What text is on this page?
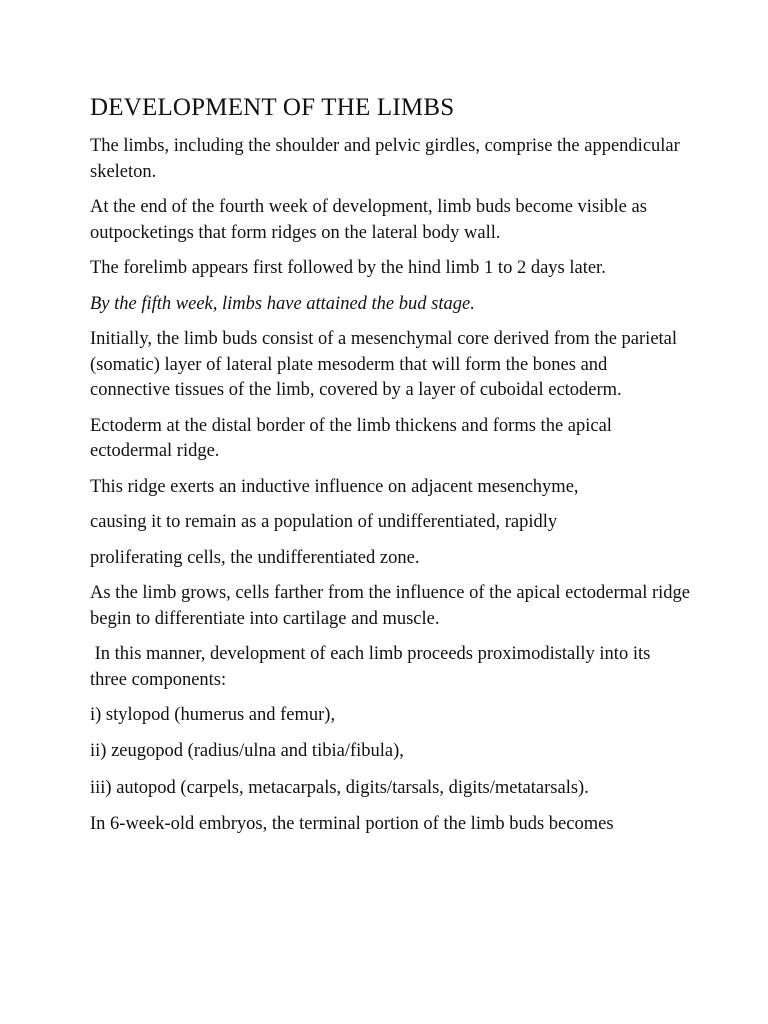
DEVELOPMENT OF THE LIMBS

The limbs, including the shoulder and pelvic girdles, comprise the appendicular skeleton.

At the end of the fourth week of development, limb buds become visible as outpocketings that form ridges on the lateral body wall.

The forelimb appears first followed by the hind limb 1 to 2 days later.

By the fifth week, limbs have attained the bud stage.

Initially, the limb buds consist of a mesenchymal core derived from the parietal (somatic) layer of lateral plate mesoderm that will form the bones and connective tissues of the limb, covered by a layer of cuboidal ectoderm.

Ectoderm at the distal border of the limb thickens and forms the apical ectodermal ridge.

This ridge exerts an inductive influence on adjacent mesenchyme,

causing it to remain as a population of undifferentiated, rapidly

proliferating cells, the undifferentiated zone.

As the limb grows, cells farther from the influence of the apical ectodermal ridge begin to differentiate into cartilage and muscle.

In this manner, development of each limb proceeds proximodistally into its three components:

i) stylopod (humerus and femur),

ii) zeugopod (radius/ulna and tibia/fibula),

iii) autopod (carpels, metacarpals, digits/tarsals, digits/metatarsals).

In 6-week-old embryos, the terminal portion of the limb buds becomes
